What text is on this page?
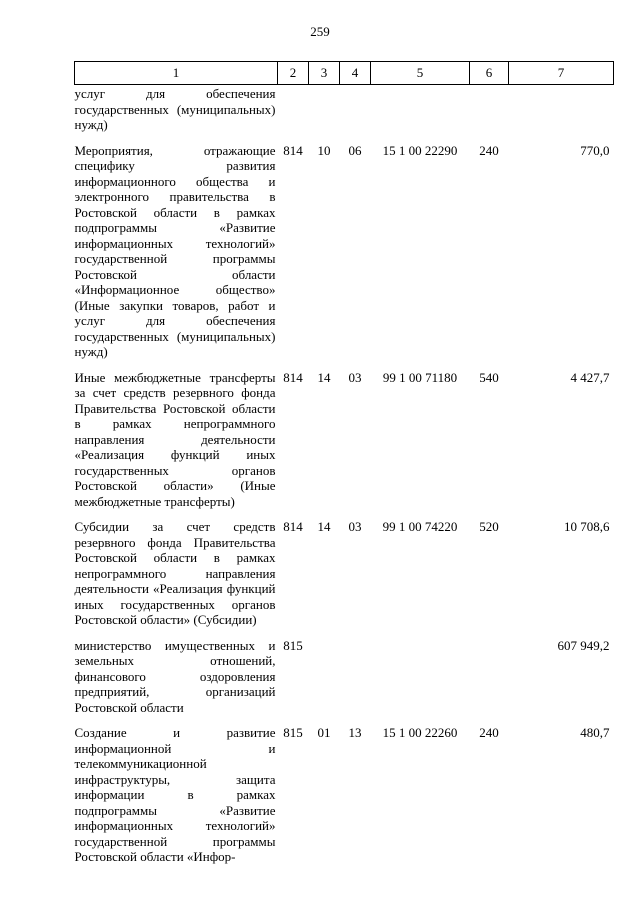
259
1	2	3	4	5	6	7
услуг для обеспечения государственных (муниципальных) нужд)						
Мероприятия, отражающие специфику развития информационного общества и электронного правительства в Ростовской области в рамках подпрограммы «Развитие информационных технологий» государственной программы Ростовской области «Информационное общество» (Иные закупки товаров, работ и услуг для обеспечения государственных (муниципальных) нужд)	814	10	06	15 1 00 22290	240	770,0
Иные межбюджетные трансферты за счет средств резервного фонда Правительства Ростовской области в рамках непрограммного направления деятельности «Реализация функций иных государственных органов Ростовской области» (Иные межбюджетные трансферты)	814	14	03	99 1 00 71180	540	4 427,7
Субсидии за счет средств резервного фонда Правительства Ростовской области в рамках непрограммного направления деятельности «Реализация функций иных государственных органов Ростовской области» (Субсидии)	814	14	03	99 1 00 74220	520	10 708,6
министерство имущественных и земельных отношений, финансового оздоровления предприятий, организаций Ростовской области	815					607 949,2
Создание и развитие информационной и телекоммуникационной инфраструктуры, защита информации в рамках подпрограммы «Развитие информационных технологий» государственной программы Ростовской области «Инфор-	815	01	13	15 1 00 22260	240	480,7
